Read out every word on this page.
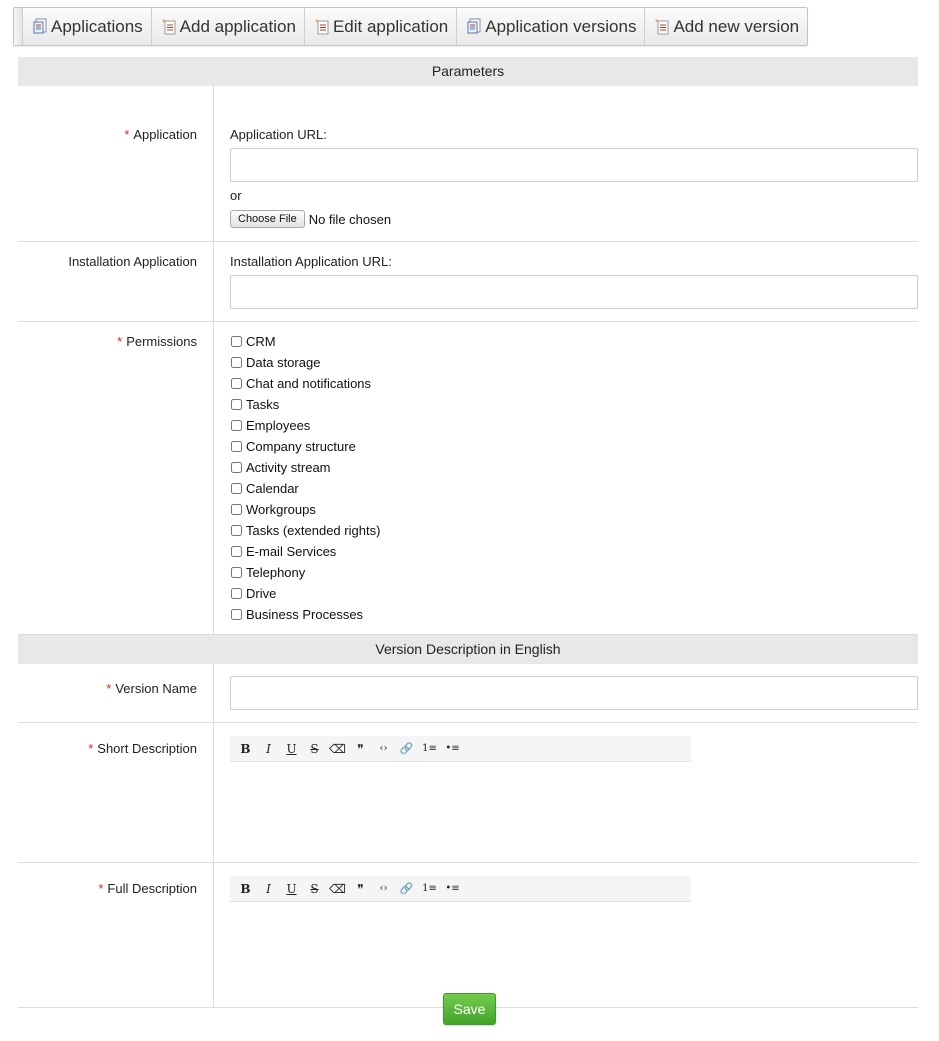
Applications	* Add application	* Edit application Application versions	* Add new version
Parameters
* Application	Application URL:
or
Choose File No file chosen
Installation Application	Installation Application URL:
* Permissions	CRM
Data storage
Chat and notifications
Tasks
Employees
Company structure
Activity stream
Calendar
Workgroups
Tasks (extended rights)
E-mail Services
Telephony
Drive
Business Processes
Version Description in English
* Version Name
* Short Description	B	I	U	S ⌫ ❞	‹›	🔗 1≡ •≡
* Full Description	B	I	U	S ⌫ ❞	‹›	🔗 1≡ •≡
Save
